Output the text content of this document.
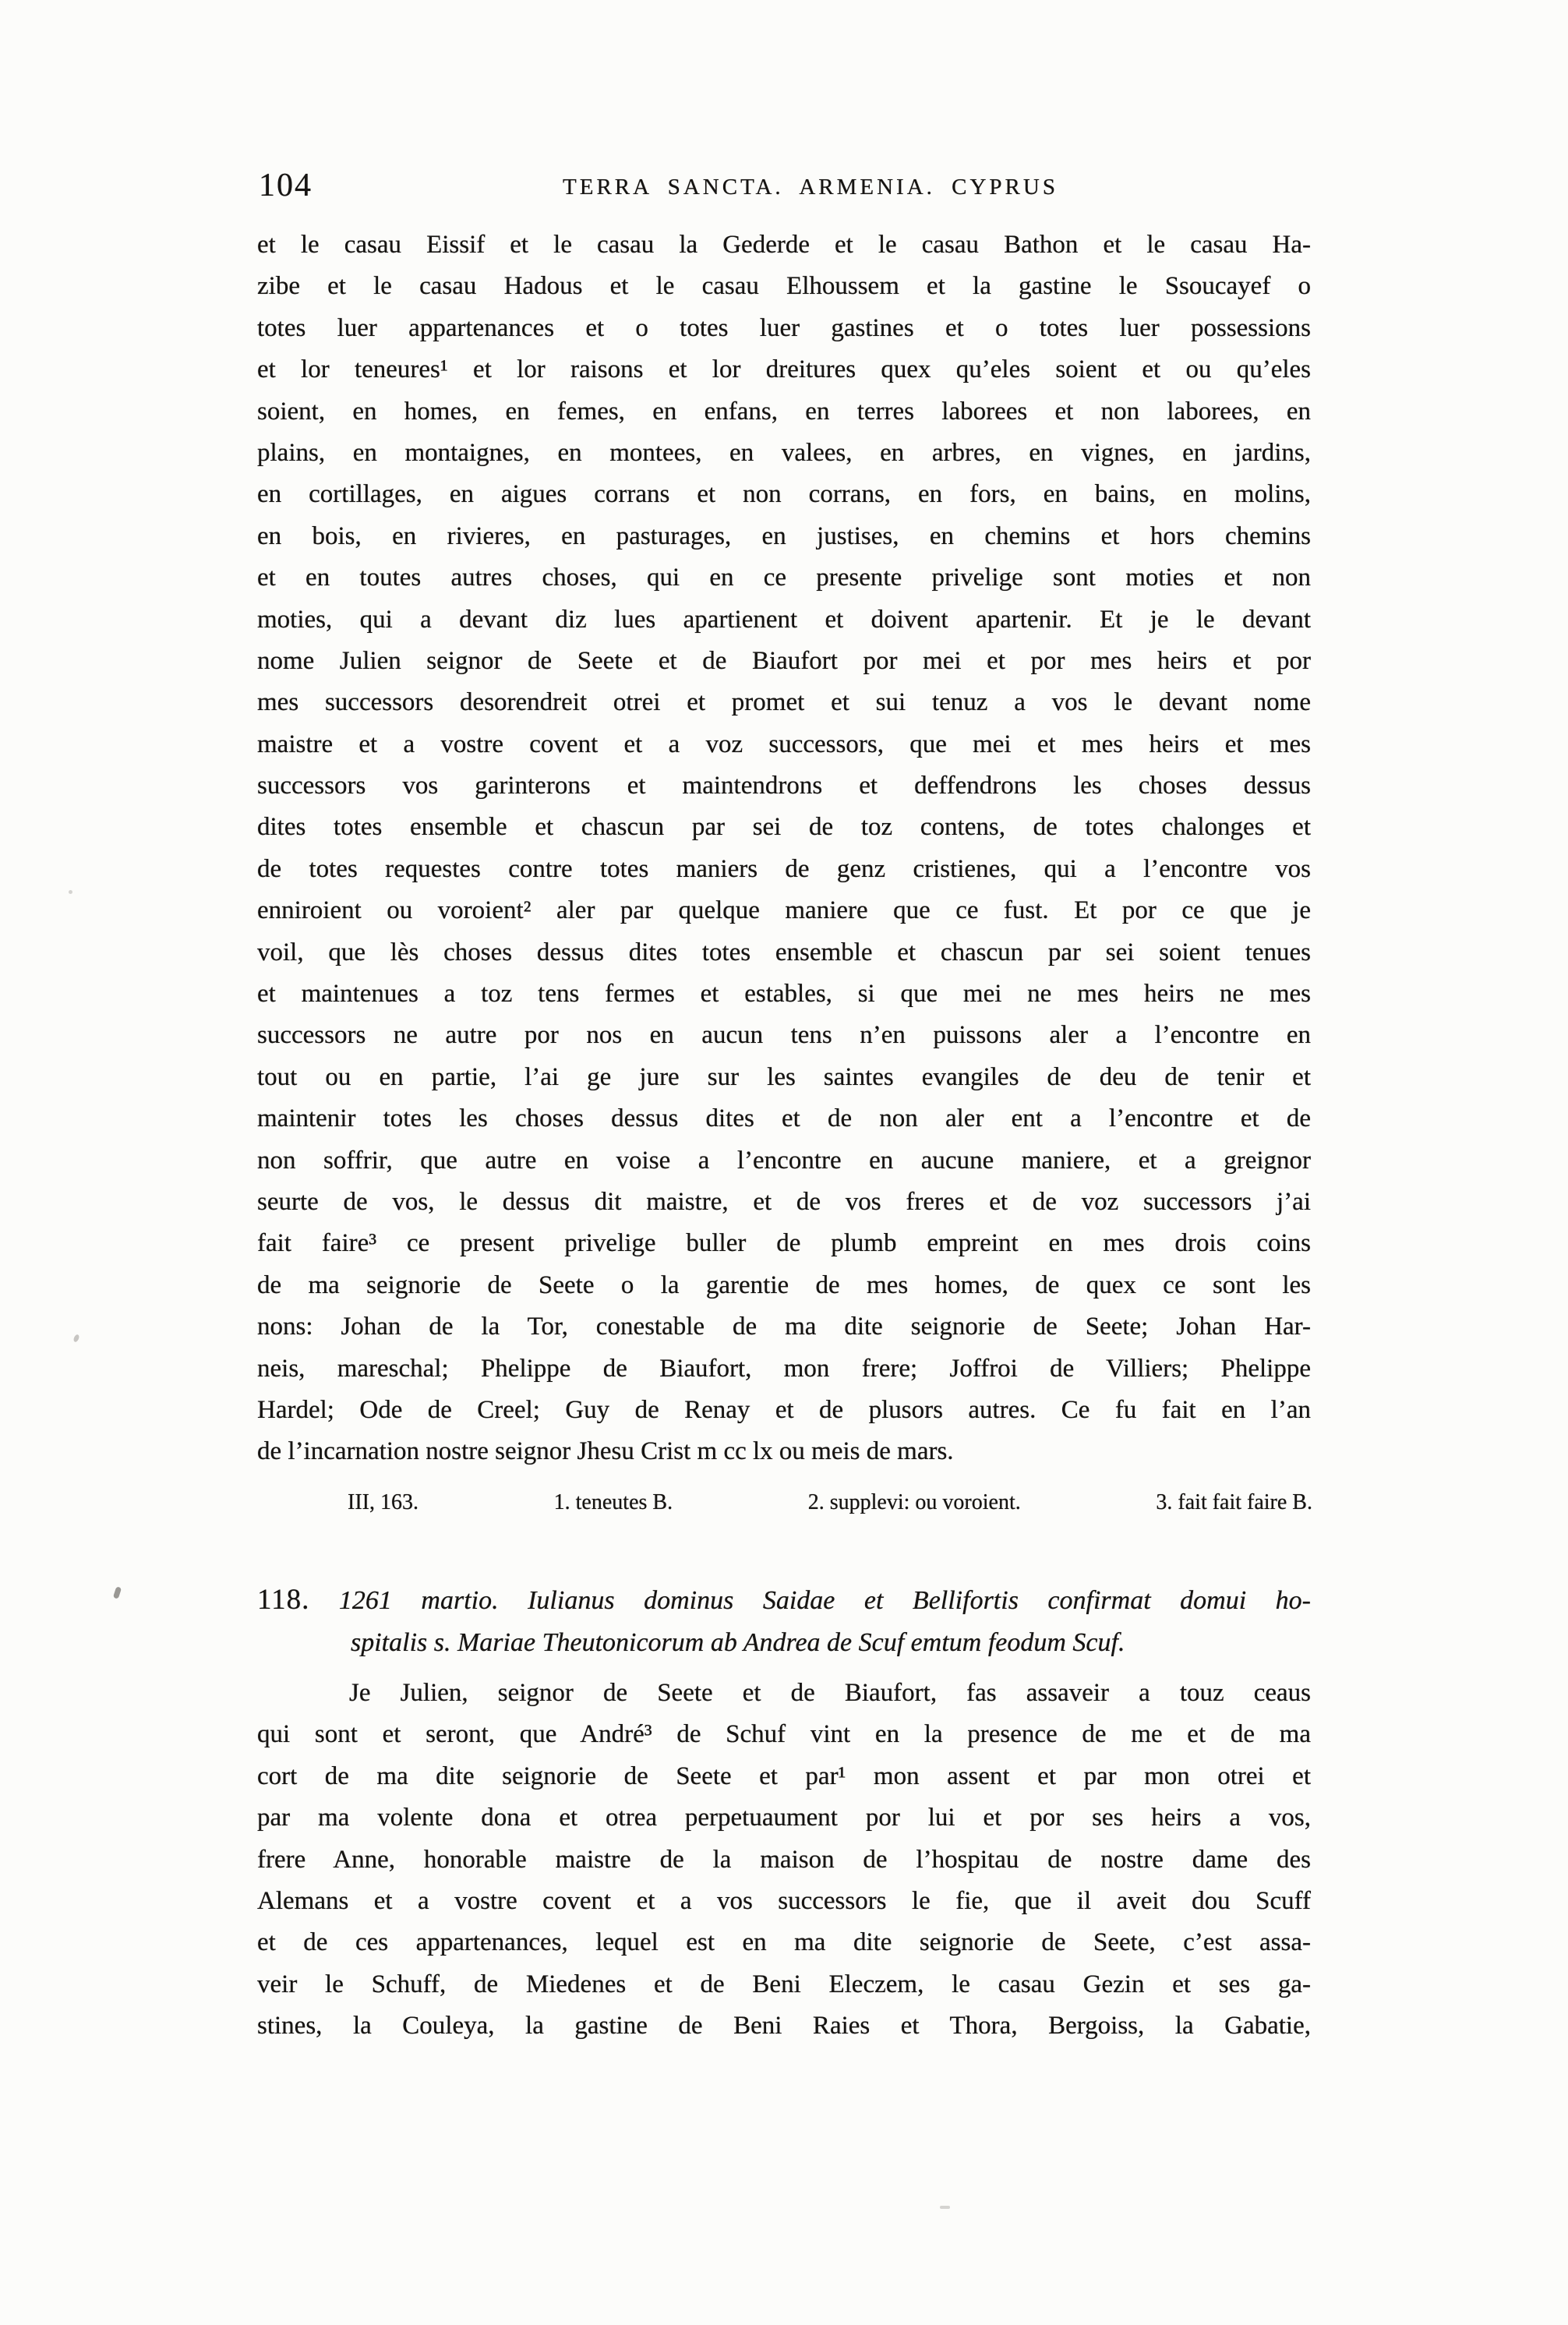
104	TERRA SANCTA. ARMENIA. CYPRUS
et le casau Eissif et le casau la Gederde et le casau Bathon et le casau Ha-
zibe et le casau Hadous et le casau Elhoussem et la gastine le Ssoucayef o
totes luer appartenances et o totes luer gastines et o totes luer possessions
et lor teneures¹ et lor raisons et lor dreitures quex qu’eles soient et ou qu’eles
soient, en homes, en femes, en enfans, en terres laborees et non laborees, en
plains, en montaignes, en montees, en valees, en arbres, en vignes, en jardins,
en cortillages, en aigues corrans et non corrans, en fors, en bains, en molins,
en bois, en rivieres, en pasturages, en justises, en chemins et hors chemins
et en toutes autres choses, qui en ce presente privelige sont moties et non
moties, qui a devant diz lues apartienent et doivent apartenir. Et je le devant
nome Julien seignor de Seete et de Biaufort por mei et por mes heirs et por
mes successors desorendreit otrei et promet et sui tenuz a vos le devant nome
maistre et a vostre covent et a voz successors, que mei et mes heirs et mes
successors vos garinterons et maintendrons et deffendrons les choses dessus
dites totes ensemble et chascun par sei de toz contens, de totes chalonges et
de totes requestes contre totes maniers de genz cristienes, qui a l’encontre vos
enniroient ou voroient² aler par quelque maniere que ce fust. Et por ce que je
voil, que lès choses dessus dites totes ensemble et chascun par sei soient tenues
et maintenues a toz tens fermes et estables, si que mei ne mes heirs ne mes
successors ne autre por nos en aucun tens n’en puissons aler a l’encontre en
tout ou en partie, l’ai ge jure sur les saintes evangiles de deu de tenir et
maintenir totes les choses dessus dites et de non aler ent a l’encontre et de
non soffrir, que autre en voise a l’encontre en aucune maniere, et a greignor
seurte de vos, le dessus dit maistre, et de vos freres et de voz successors j’ai
fait faire³ ce present privelige buller de plumb empreint en mes drois coins
de ma seignorie de Seete o la garentie de mes homes, de quex ce sont les
nons: Johan de la Tor, conestable de ma dite seignorie de Seete; Johan Har-
neis, mareschal; Phelippe de Biaufort, mon frere; Joffroi de Villiers; Phelippe
Hardel; Ode de Creel; Guy de Renay et de plusors autres. Ce fu fait en l’an
de l’incarnation nostre seignor Jhesu Crist m cc lx ou meis de mars.
III, 163.	1. teneutes B.	2. supplevi: ou voroient.	3. fait fait faire B.
118. 1261 martio. Iulianus dominus Saidae et Bellifortis confirmat domui ho-
spitalis s. Mariae Theutonicorum ab Andrea de Scuf emtum feodum Scuf.
Je Julien, seignor de Seete et de Biaufort, fas assaveir a touz ceaus
qui sont et seront, que André³ de Schuf vint en la presence de me et de ma
cort de ma dite seignorie de Seete et par¹ mon assent et par mon otrei et
par ma volente dona et otrea perpetuaument por lui et por ses heirs a vos,
frere Anne, honorable maistre de la maison de l’hospitau de nostre dame des
Alemans et a vostre covent et a vos successors le fie, que il aveit dou Scuff
et de ces appartenances, lequel est en ma dite seignorie de Seete, c’est assa-
veir le Schuff, de Miedenes et de Beni Eleczem, le casau Gezin et ses ga-
stines, la Couleya, la gastine de Beni Raies et Thora, Bergoiss, la Gabatie,
